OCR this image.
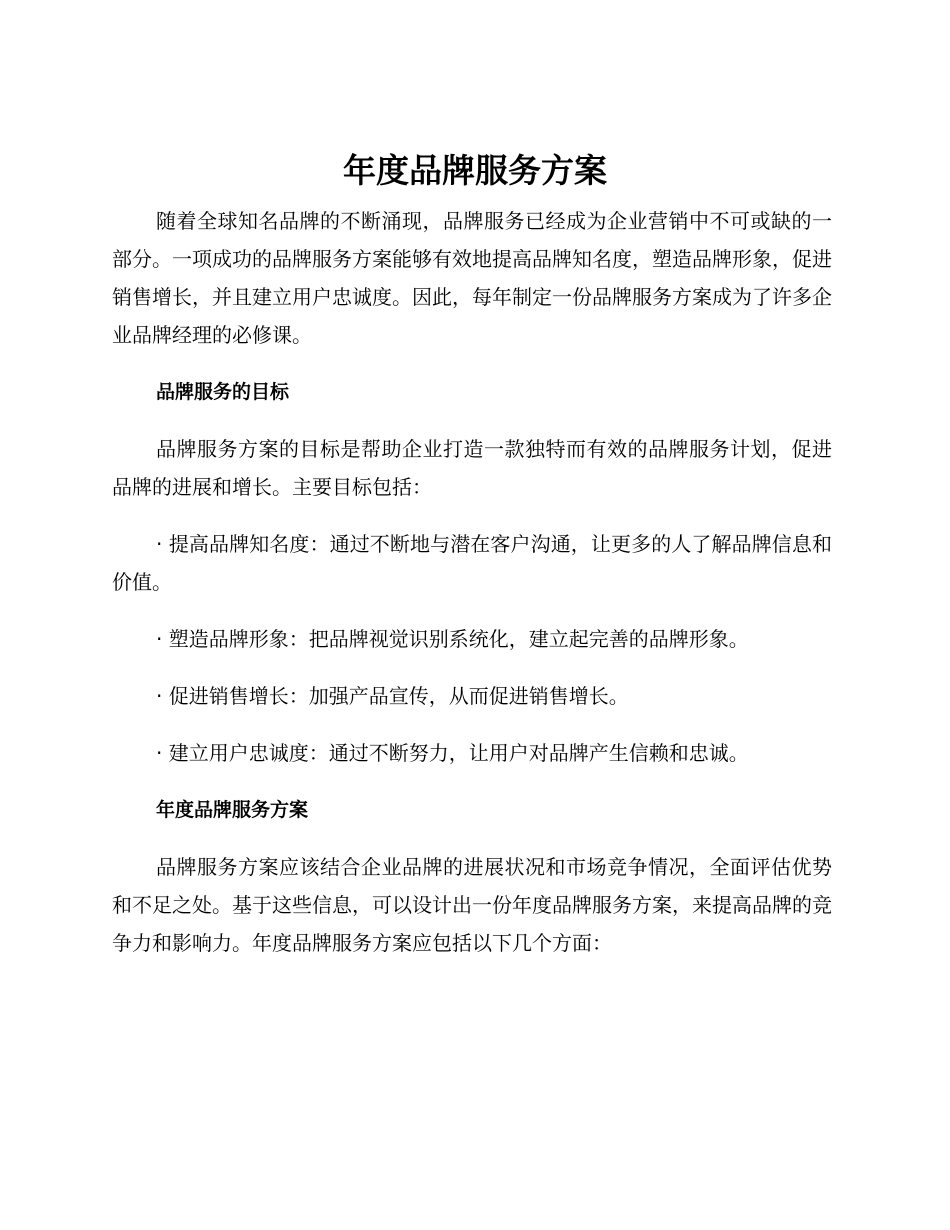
年度品牌服务方案

随着全球知名品牌的不断涌现，品牌服务已经成为企业营销中不可或缺的一部分。一项成功的品牌服务方案能够有效地提高品牌知名度，塑造品牌形象，促进销售增长，并且建立用户忠诚度。因此，每年制定一份品牌服务方案成为了许多企业品牌经理的必修课。

品牌服务的目标

品牌服务方案的目标是帮助企业打造一款独特而有效的品牌服务计划，促进品牌的进展和增长。主要目标包括：

· 提高品牌知名度：通过不断地与潜在客户沟通，让更多的人了解品牌信息和价值。

· 塑造品牌形象：把品牌视觉识别系统化，建立起完善的品牌形象。

· 促进销售增长：加强产品宣传，从而促进销售增长。

· 建立用户忠诚度：通过不断努力，让用户对品牌产生信赖和忠诚。

年度品牌服务方案

品牌服务方案应该结合企业品牌的进展状况和市场竞争情况，全面评估优势和不足之处。基于这些信息，可以设计出一份年度品牌服务方案，来提高品牌的竞争力和影响力。年度品牌服务方案应包括以下几个方面：
